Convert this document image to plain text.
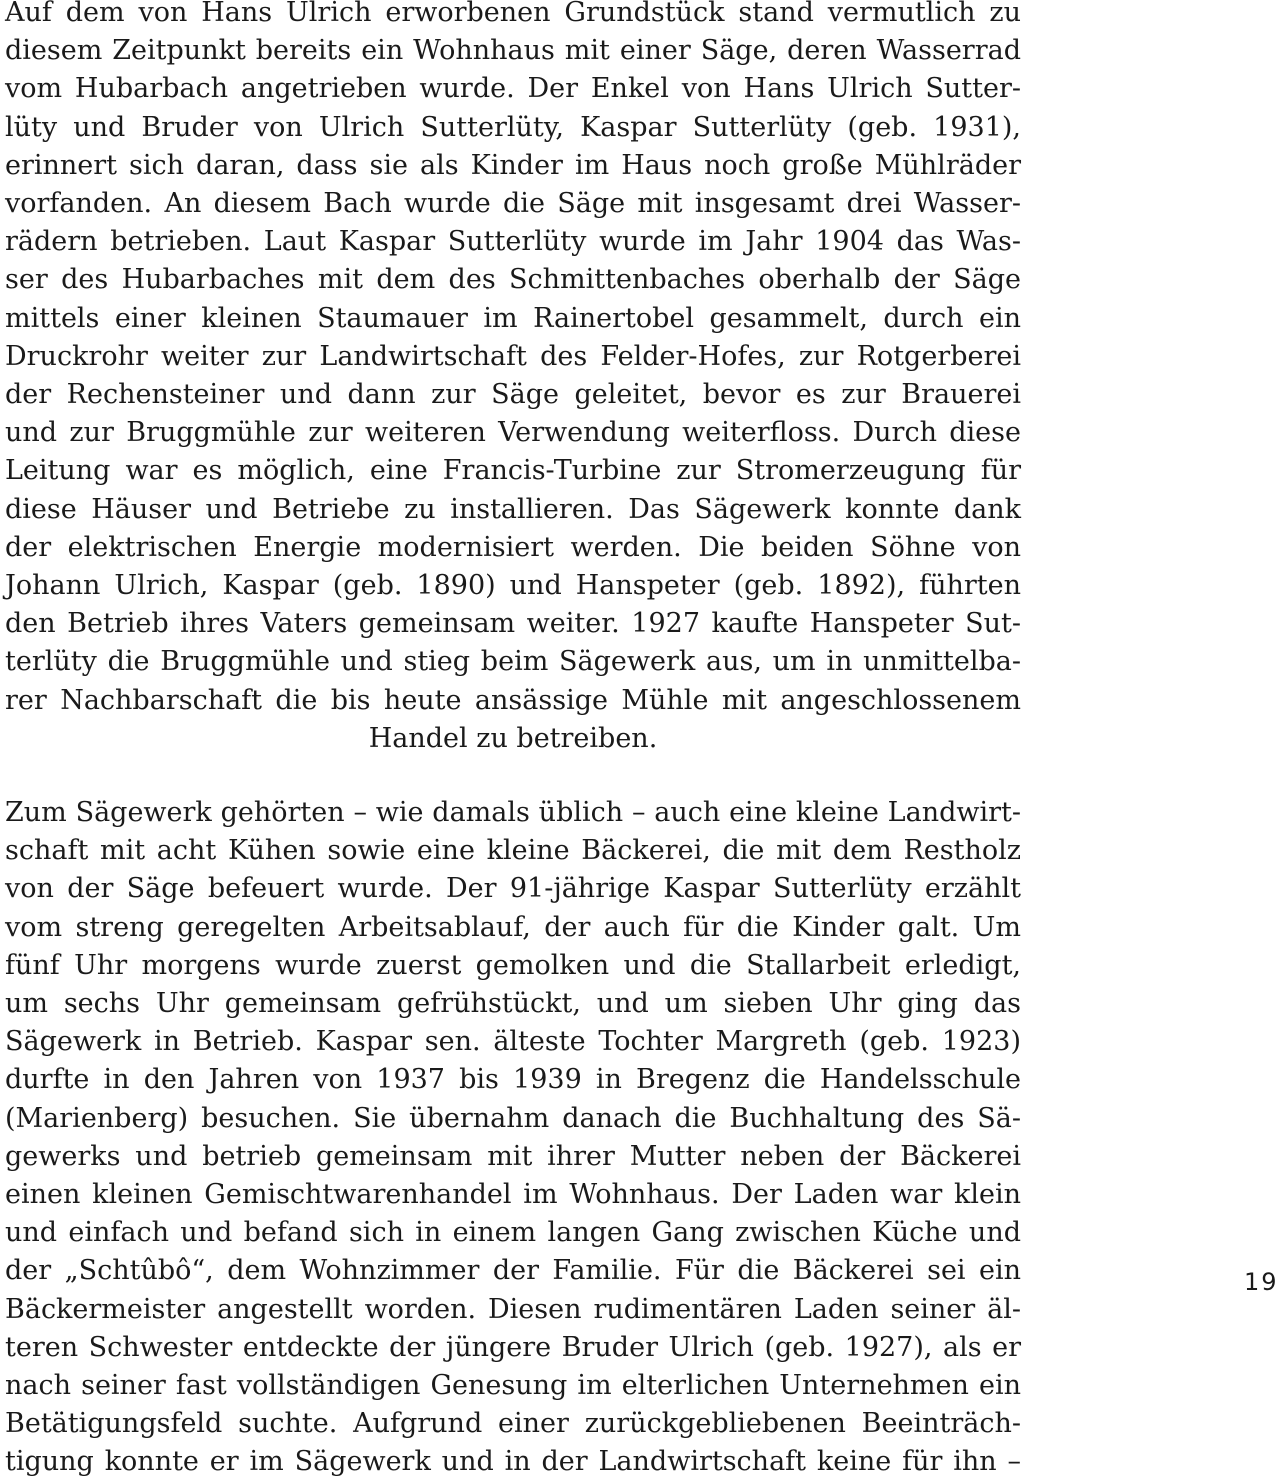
Auf dem von Hans Ulrich erworbenen Grundstück stand vermutlich zu
diesem Zeitpunkt bereits ein Wohnhaus mit einer Säge, deren Wasserrad
vom Hubarbach angetrieben wurde. Der Enkel von Hans Ulrich Sutter-
lüty und Bruder von Ulrich Sutterlüty, Kaspar Sutterlüty (geb. 1931),
erinnert sich daran, dass sie als Kinder im Haus noch große Mühlräder
vorfanden. An diesem Bach wurde die Säge mit insgesamt drei Wasser-
rädern betrieben. Laut Kaspar Sutterlüty wurde im Jahr 1904 das Was-
ser des Hubarbaches mit dem des Schmittenbaches oberhalb der Säge
mittels einer kleinen Staumauer im Rainertobel gesammelt, durch ein
Druckrohr weiter zur Landwirtschaft des Felder-Hofes, zur Rotgerberei
der Rechensteiner und dann zur Säge geleitet, bevor es zur Brauerei
und zur Bruggmühle zur weiteren Verwendung weiterfloss. Durch diese
Leitung war es möglich, eine Francis-Turbine zur Stromerzeugung für
diese Häuser und Betriebe zu installieren. Das Sägewerk konnte dank
der elektrischen Energie modernisiert werden. Die beiden Söhne von
Johann Ulrich, Kaspar (geb. 1890) und Hanspeter (geb. 1892), führten
den Betrieb ihres Vaters gemeinsam weiter. 1927 kaufte Hanspeter Sut-
terlüty die Bruggmühle und stieg beim Sägewerk aus, um in unmittelba-
rer Nachbarschaft die bis heute ansässige Mühle mit angeschlossenem
Handel zu betreiben.
Zum Sägewerk gehörten – wie damals üblich – auch eine kleine Landwirt-
schaft mit acht Kühen sowie eine kleine Bäckerei, die mit dem Restholz
von der Säge befeuert wurde. Der 91-jährige Kaspar Sutterlüty erzählt
vom streng geregelten Arbeitsablauf, der auch für die Kinder galt. Um
fünf Uhr morgens wurde zuerst gemolken und die Stallarbeit erledigt,
um sechs Uhr gemeinsam gefrühstückt, und um sieben Uhr ging das
Sägewerk in Betrieb. Kaspar sen. älteste Tochter Margreth (geb. 1923)
durfte in den Jahren von 1937 bis 1939 in Bregenz die Handelsschule
(Marienberg) besuchen. Sie übernahm danach die Buchhaltung des Sä-
gewerks und betrieb gemeinsam mit ihrer Mutter neben der Bäckerei
einen kleinen Gemischtwarenhandel im Wohnhaus. Der Laden war klein
und einfach und befand sich in einem langen Gang zwischen Küche und
der „Schtûbô“, dem Wohnzimmer der Familie. Für die Bäckerei sei ein
Bäckermeister angestellt worden. Diesen rudimentären Laden seiner äl-
teren Schwester entdeckte der jüngere Bruder Ulrich (geb. 1927), als er
nach seiner fast vollständigen Genesung im elterlichen Unternehmen ein
Betätigungsfeld suchte. Aufgrund einer zurückgebliebenen Beeinträch-
tigung konnte er im Sägewerk und in der Landwirtschaft keine für ihn –
19
